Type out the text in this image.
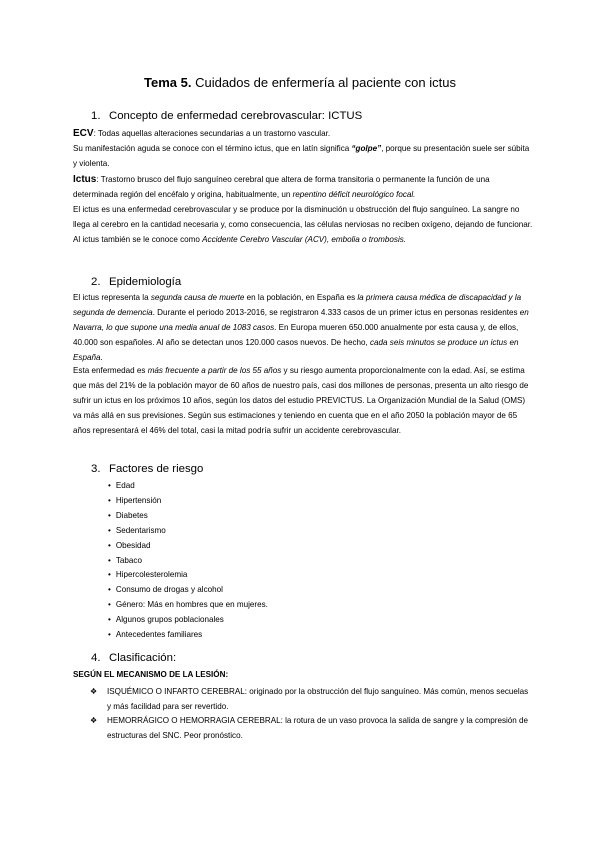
Tema 5. Cuidados de enfermería al paciente con ictus
1. Concepto de enfermedad cerebrovascular: ICTUS

ECV: Todas aquellas alteraciones secundarias a un trastorno vascular.
Su manifestación aguda se conoce con el término ictus, que en latín significa “golpe”, porque su presentación suele ser súbita y violenta.

Ictus: Trastorno brusco del flujo sanguíneo cerebral que altera de forma transitoria o permanente la función de una determinada región del encéfalo y origina, habitualmente, un repentino déficit neurológico focal.

El ictus es una enfermedad cerebrovascular y se produce por la disminución u obstrucción del flujo sanguíneo. La sangre no llega al cerebro en la cantidad necesaria y, como consecuencia, las células nerviosas no reciben oxígeno, dejando de funcionar. Al ictus también se le conoce como Accidente Cerebro Vascular (ACV), embolia o trombosis.

2. Epidemiología

El ictus representa la segunda causa de muerte en la población, en España es la primera causa médica de discapacidad y la segunda de demencia. Durante el periodo 2013-2016, se registraron 4.333 casos de un primer ictus en personas residentes en Navarra, lo que supone una media anual de 1083 casos. En Europa mueren 650.000 anualmente por esta causa y, de ellos, 40.000 son españoles. Al año se detectan unos 120.000 casos nuevos. De hecho, cada seis minutos se produce un ictus en España.

Esta enfermedad es más frecuente a partir de los 55 años y su riesgo aumenta proporcionalmente con la edad. Así, se estima que más del 21% de la población mayor de 60 años de nuestro país, casi dos millones de personas, presenta un alto riesgo de sufrir un ictus en los próximos 10 años, según los datos del estudio PREVICTUS. La Organización Mundial de la Salud (OMS) va más allá en sus previsiones. Según sus estimaciones y teniendo en cuenta que en el año 2050 la población mayor de 65 años representará el 46% del total, casi la mitad podría sufrir un accidente cerebrovascular.

3. Factores de riesgo
• Edad
• Hipertensión
• Diabetes
• Sedentarismo
• Obesidad
• Tabaco
• Hipercolesterolemia
• Consumo de drogas y alcohol
• Género: Más en hombres que en mujeres.
• Algunos grupos poblacionales
• Antecedentes familiares
4. Clasificación:
SEGÚN EL MECANISMO DE LA LESIÓN:
❖ ISQUÉMICO O INFARTO CEREBRAL: originado por la obstrucción del flujo sanguíneo. Más común, menos secuelas y más facilidad para ser revertido.
❖ HEMORRÁGICO O HEMORRAGIA CEREBRAL: la rotura de un vaso provoca la salida de sangre y la compresión de estructuras del SNC. Peor pronóstico.
